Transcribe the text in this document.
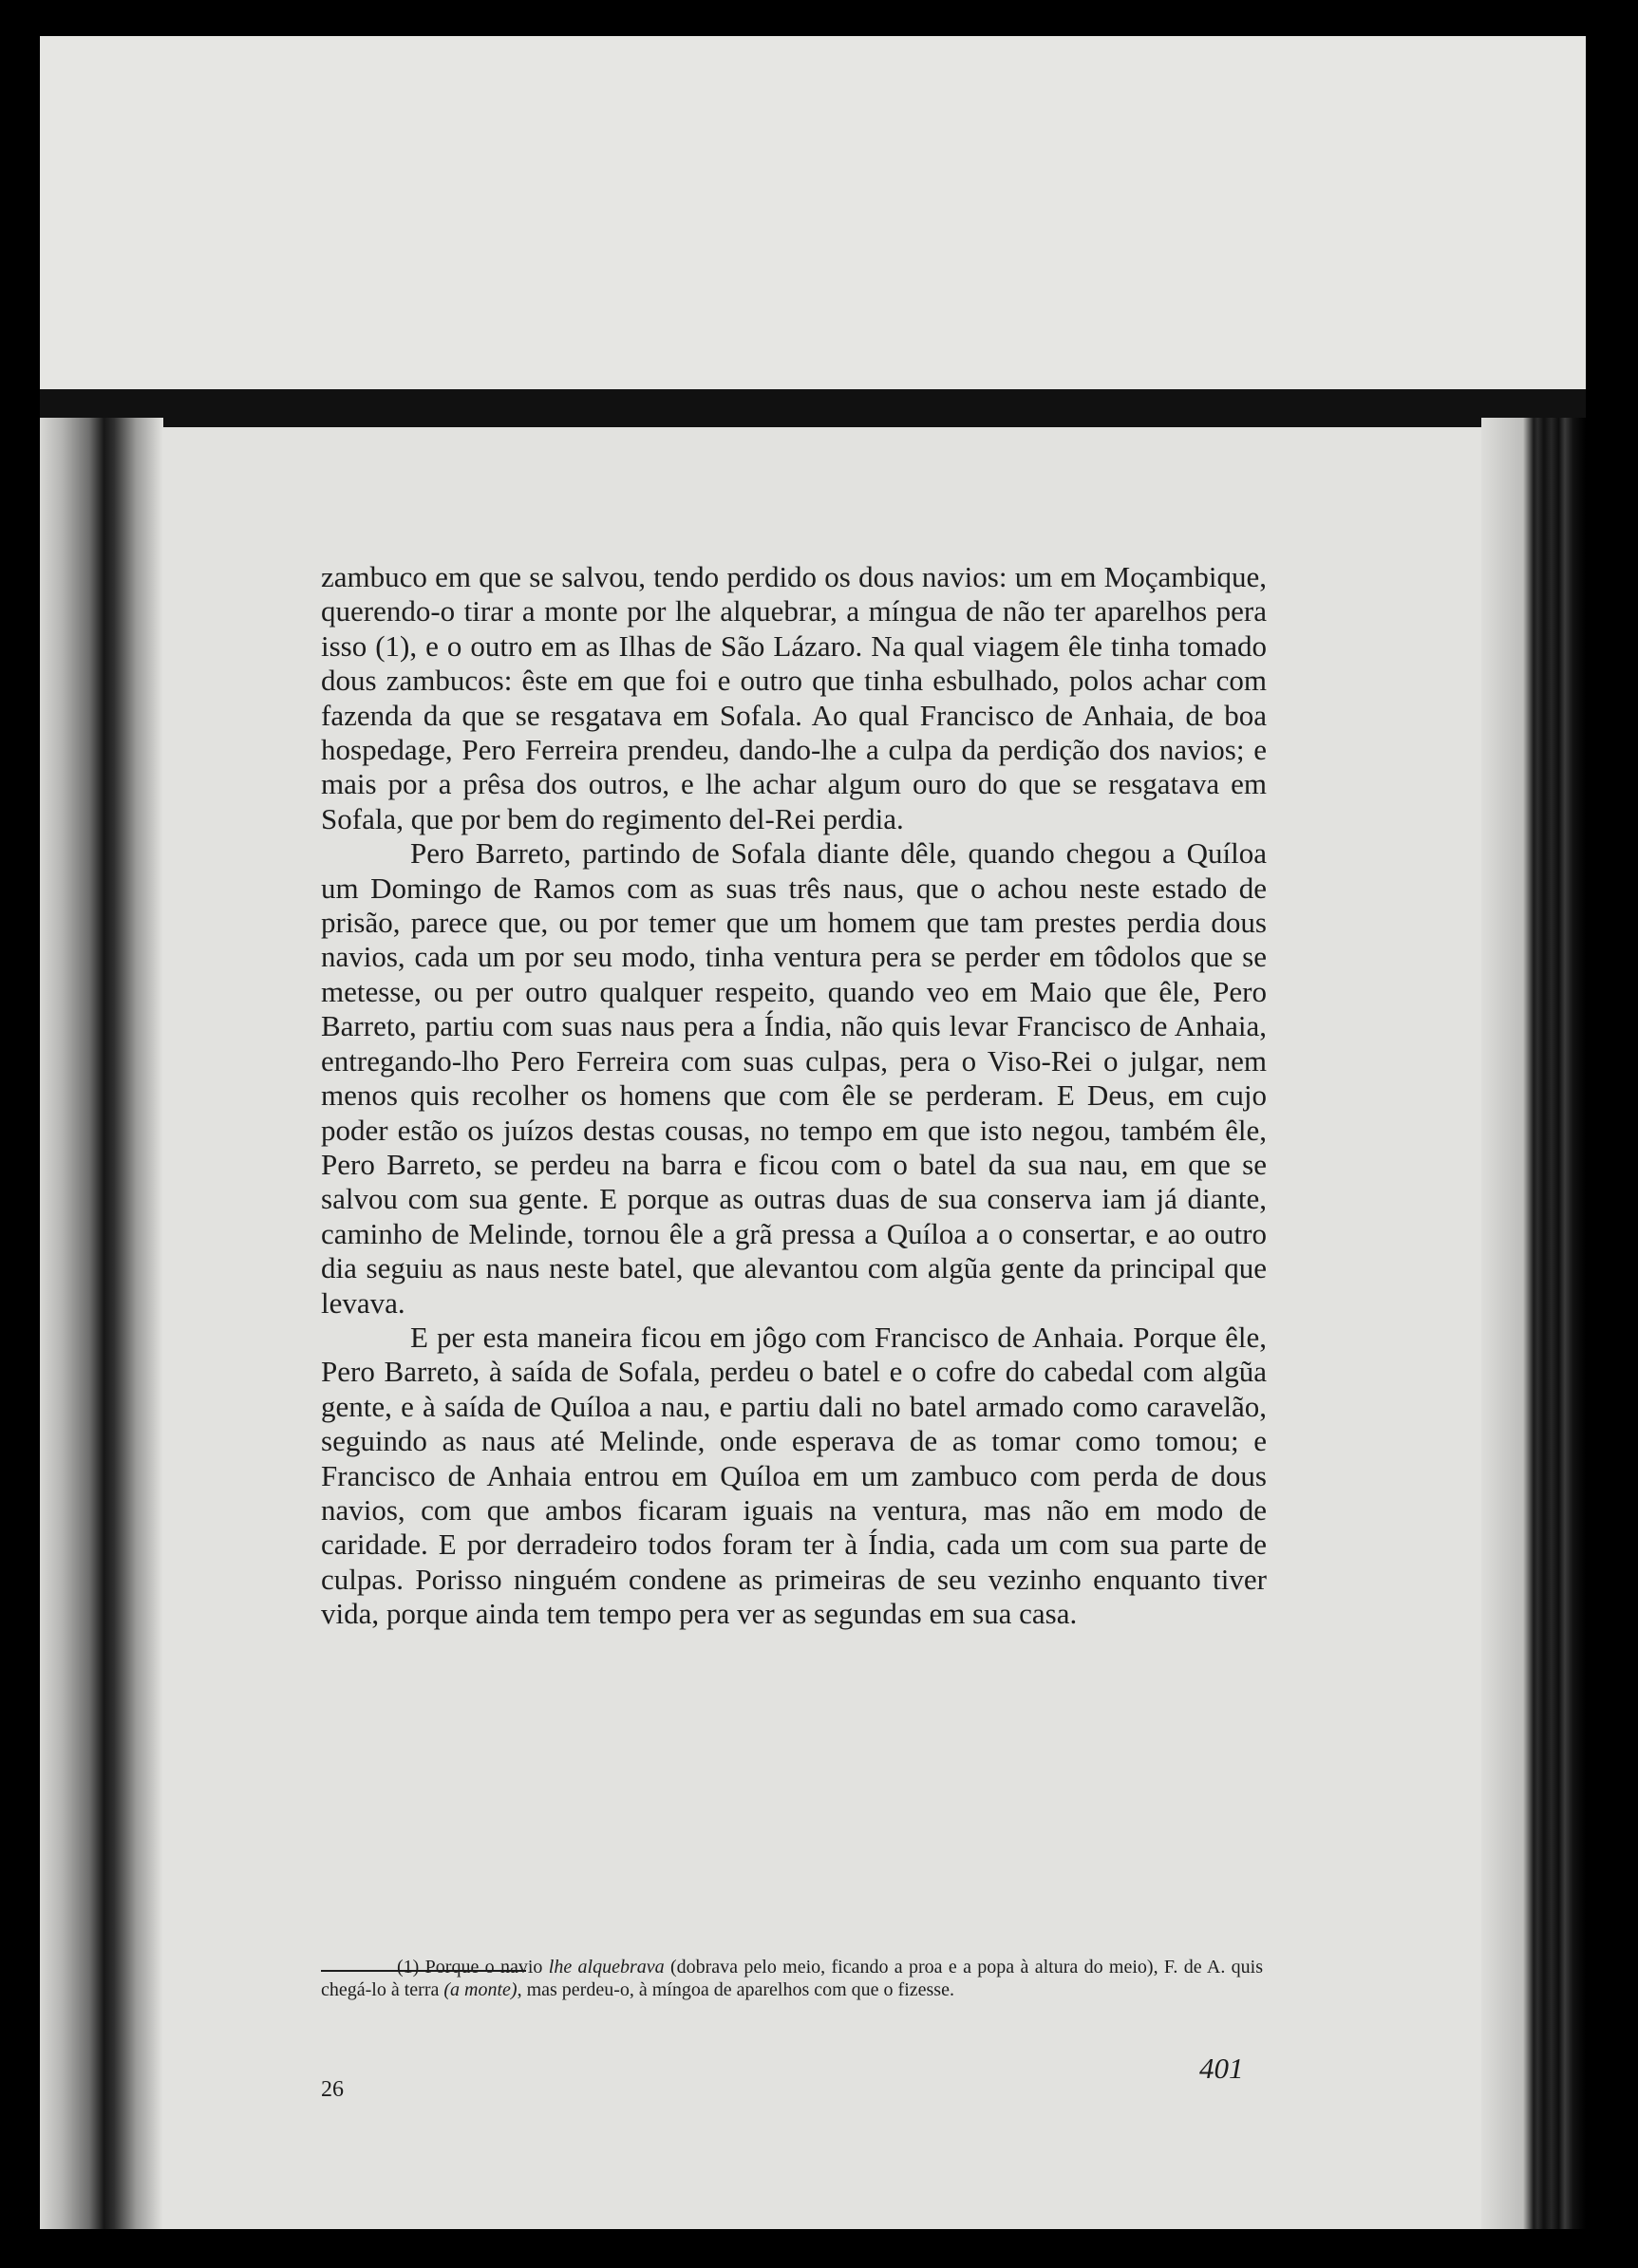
zambuco em que se salvou, tendo perdido os dous navios: um em Moçambique, querendo-o tirar a monte por lhe alquebrar, a míngua de não ter aparelhos pera isso (1), e o outro em as Ilhas de São Lázaro. Na qual viagem êle tinha tomado dous zambucos: êste em que foi e outro que tinha esbulhado, polos achar com fazenda da que se resgatava em Sofala. Ao qual Francisco de Anhaia, de boa hospedage, Pero Ferreira prendeu, dando-lhe a culpa da perdição dos navios; e mais por a prêsa dos outros, e lhe achar algum ouro do que se resgatava em Sofala, que por bem do regimento del-Rei perdia.

Pero Barreto, partindo de Sofala diante dêle, quando chegou a Quíloa um Domingo de Ramos com as suas três naus, que o achou neste estado de prisão, parece que, ou por temer que um homem que tam prestes perdia dous navios, cada um por seu modo, tinha ventura pera se perder em tôdolos que se metesse, ou per outro qualquer respeito, quando veo em Maio que êle, Pero Barreto, partiu com suas naus pera a Índia, não quis levar Francisco de Anhaia, entregando-lho Pero Ferreira com suas culpas, pera o Viso-Rei o julgar, nem menos quis recolher os homens que com êle se perderam. E Deus, em cujo poder estão os juízos destas cousas, no tempo em que isto negou, também êle, Pero Barreto, se perdeu na barra e ficou com o batel da sua nau, em que se salvou com sua gente. E porque as outras duas de sua conserva iam já diante, caminho de Melinde, tornou êle a grã pressa a Quíloa a o consertar, e ao outro dia seguiu as naus neste batel, que alevantou com algũa gente da principal que levava.

E per esta maneira ficou em jôgo com Francisco de Anhaia. Porque êle, Pero Barreto, à saída de Sofala, perdeu o batel e o cofre do cabedal com algũa gente, e à saída de Quíloa a nau, e partiu dali no batel armado como caravelão, seguindo as naus até Melinde, onde esperava de as tomar como tomou; e Francisco de Anhaia entrou em Quíloa em um zambuco com perda de dous navios, com que ambos ficaram iguais na ventura, mas não em modo de caridade. E por derradeiro todos foram ter à Índia, cada um com sua parte de culpas. Porisso ninguém condene as primeiras de seu vezinho enquanto tiver vida, porque ainda tem tempo pera ver as segundas em sua casa.

(1) Porque o navio lhe alquebrava (dobrava pelo meio, ficando a proa e a popa à altura do meio), F. de A. quis chegá-lo à terra (a monte), mas perdeu-o, à míngoa de aparelhos com que o fizesse.

26
401
